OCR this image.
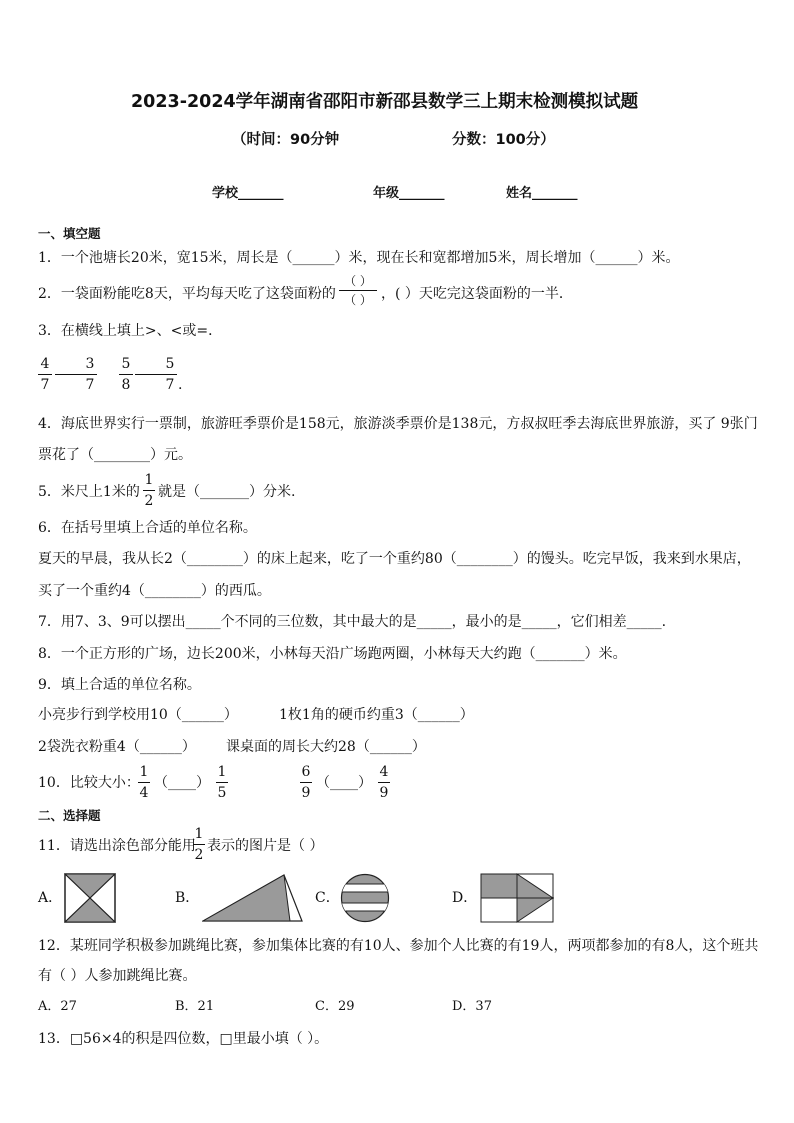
2023-2024学年湖南省邵阳市新邵县数学三上期末检测模拟试题
（时间：90分钟	分数：100分）
学校_______	年级_______	姓名_______
一、填空题
1．一个池塘长20米，宽15米，周长是（______）米，现在长和宽都增加5米，周长增加（______）米。
2．一袋面粉能吃8天，平均每天吃了这袋面粉的
（ ）
（ ） ，( ）天吃完这袋面粉的一半．
3．在横线上填上>、<或=．
4
7
3
7
5
8
5
7 .
4．海底世界实行一票制，旅游旺季票价是158元，旅游淡季票价是138元，方叔叔旺季去海底世界旅游，买了 9张门
票花了（________）元。
5．米尺上1米的
1
2
就是（_______）分米.
6．在括号里填上合适的单位名称。
夏天的早晨，我从长2（________）的床上起来，吃了一个重约80（________）的馒头。吃完早饭，我来到水果店，
买了一个重约4（________）的西瓜。
7．用7、3、9可以摆出_____个不同的三位数，其中最大的是_____，最小的是_____，它们相差_____.
8．一个正方形的广场，边长200米，小林每天沿广场跑两圈，小林每天大约跑（_______）米。
9．填上合适的单位名称。
小亮步行到学校用10（______）	1枚1角的硬币约重3（______）
2袋洗衣粉重4（______） 课桌面的周长大约28（______）
10．比较大小：
1
4
（____）
1
5
6
9
（____）
4
9
二、选择题
11．请选出涂色部分能用
1
2
表示的图片是（ ）
A．	B．	C．	D．
12．某班同学积极参加跳绳比赛，参加集体比赛的有10人、参加个人比赛的有19人，两项都参加的有8人，这个班共
有（ ）人参加跳绳比赛。
A．27	B．21	C．29	D．37
13．□56×4的积是四位数，□里最小填（ ）。
